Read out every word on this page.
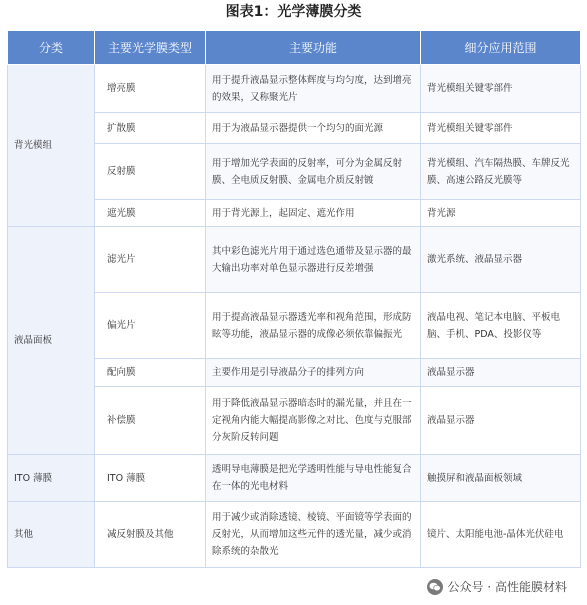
图表1：光学薄膜分类
分类	主要光学膜类型	主要功能	细分应用范围
背光模组	增亮膜	用于提升液晶显示整体辉度与均匀度，达到增亮的效果，又称聚光片	背光模组关键零部件
	扩散膜	用于为液晶显示器提供一个均匀的面光源	背光模组关键零部件
	反射膜	用于增加光学表面的反射率，可分为金属反射膜、全电质反射膜、金属电介质反射镀	背光模组、汽车隔热膜、车牌反光膜、高速公路反光膜等
	遮光膜	用于背光源上，起固定、遮光作用	背光源
液晶面板	滤光片	其中彩色滤光片用于通过选色通带及显示器的最大输出功率对单色显示器进行反差增强	激光系统、液晶显示器
	偏光片	用于提高液晶显示器透光率和视角范围，形成防眩等功能，液晶显示器的成像必须依靠偏振光	液晶电视、笔记本电脑、平板电脑、手机、PDA、投影仪等
	配向膜	主要作用是引导液晶分子的排列方向	液晶显示器
	补偿膜	用于降低液晶显示器暗态时的漏光量，并且在一定视角内能大幅提高影像之对比、色度与克服部分灰阶反转问题	液晶显示器
ITO 薄膜	ITO 薄膜	透明导电薄膜是把光学透明性能与导电性能复合在一体的光电材料	触摸屏和液晶面板领域
其他	减反射膜及其他	用于减少或消除透镜、棱镜、平面镜等学表面的反射光，从而增加这些元件的透光量，减少或消除系统的杂散光	镜片、太阳能电池-晶体光伏硅电
公众号 · 高性能膜材料
